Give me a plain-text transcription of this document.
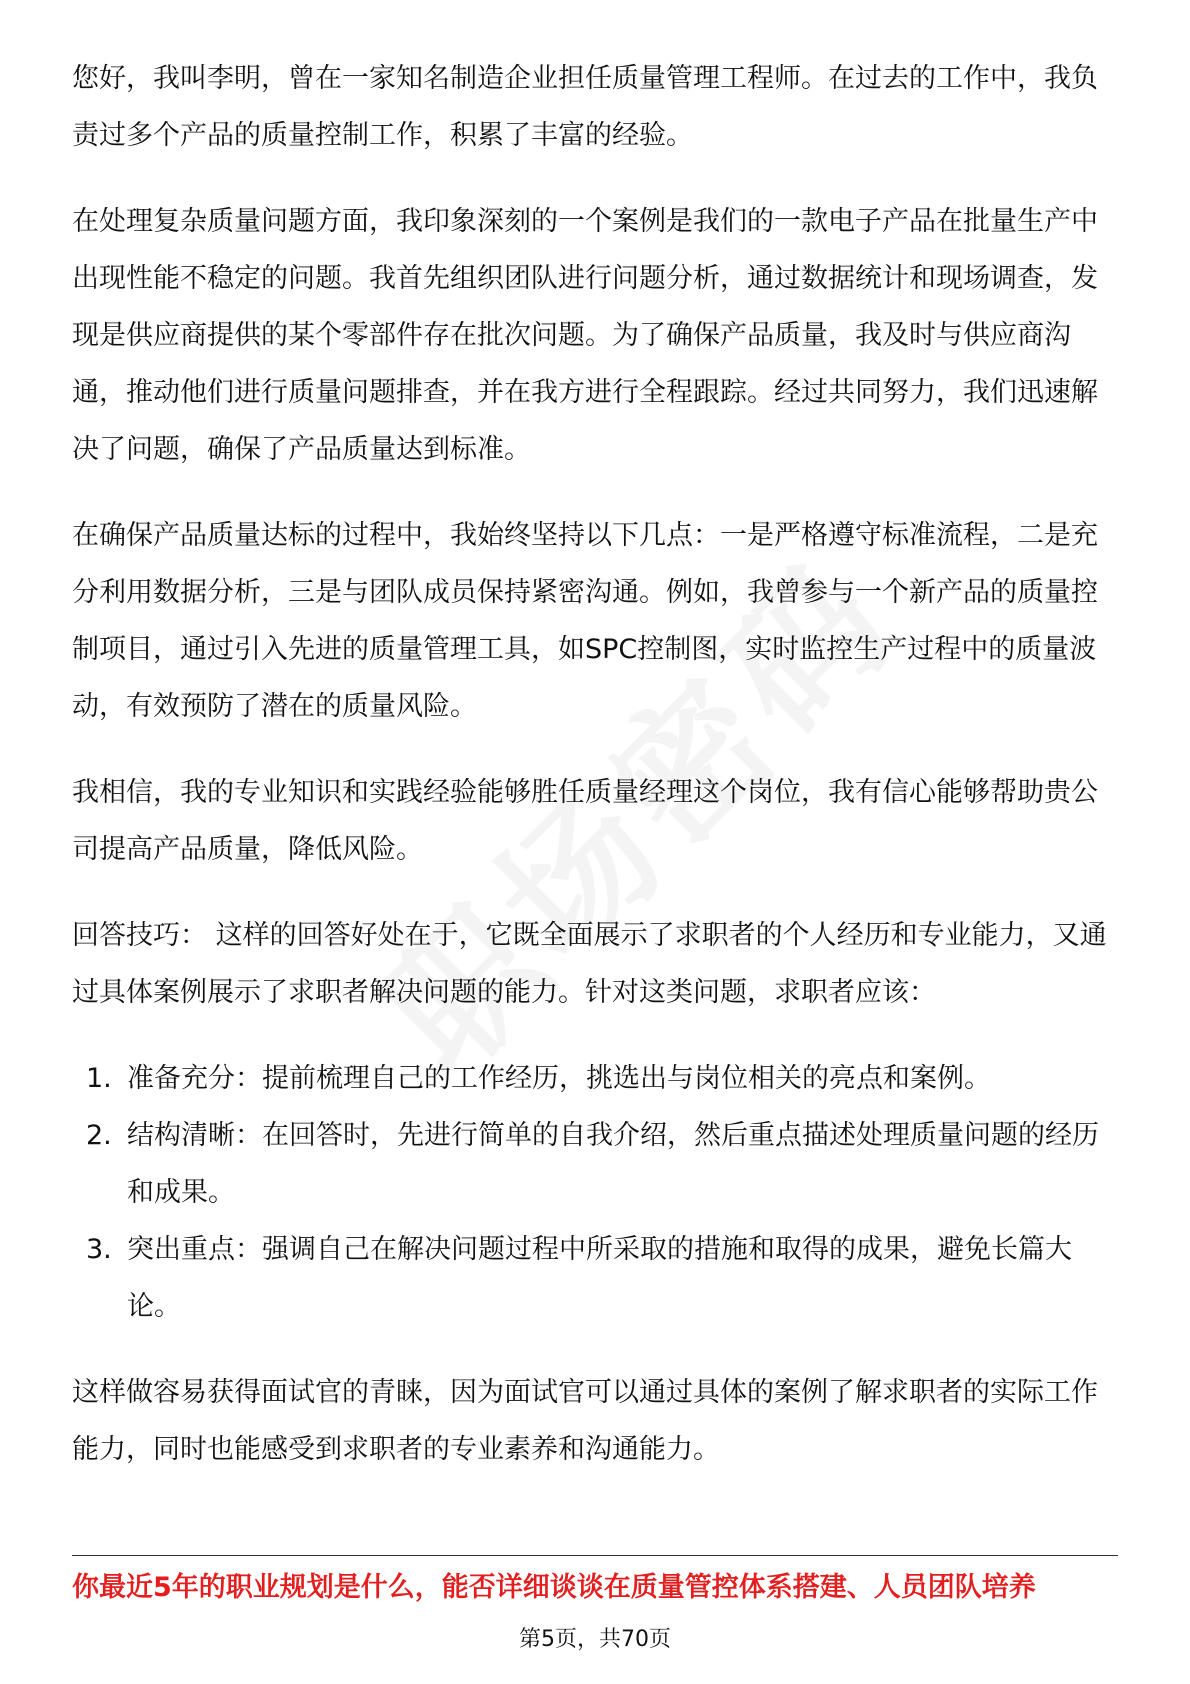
您好，我叫李明，曾在一家知名制造企业担任质量管理工程师。在过去的工作中，我负责过多个产品的质量控制工作，积累了丰富的经验。

在处理复杂质量问题方面，我印象深刻的一个案例是我们的一款电子产品在批量生产中出现性能不稳定的问题。我首先组织团队进行问题分析，通过数据统计和现场调查，发现是供应商提供的某个零部件存在批次问题。为了确保产品质量，我及时与供应商沟通，推动他们进行质量问题排查，并在我方进行全程跟踪。经过共同努力，我们迅速解决了问题，确保了产品质量达到标准。

在确保产品质量达标的过程中，我始终坚持以下几点：一是严格遵守标准流程，二是充分利用数据分析，三是与团队成员保持紧密沟通。例如，我曾参与一个新产品的质量控制项目，通过引入先进的质量管理工具，如SPC控制图，实时监控生产过程中的质量波动，有效预防了潜在的质量风险。

我相信，我的专业知识和实践经验能够胜任质量经理这个岗位，我有信心能够帮助贵公司提高产品质量，降低风险。

回答技巧： 这样的回答好处在于，它既全面展示了求职者的个人经历和专业能力，又通过具体案例展示了求职者解决问题的能力。针对这类问题，求职者应该：

1. 准备充分：提前梳理自己的工作经历，挑选出与岗位相关的亮点和案例。
2. 结构清晰：在回答时，先进行简单的自我介绍，然后重点描述处理质量问题的经历和成果。
3. 突出重点：强调自己在解决问题过程中所采取的措施和取得的成果，避免长篇大论。

这样做容易获得面试官的青睐，因为面试官可以通过具体的案例了解求职者的实际工作能力，同时也能感受到求职者的专业素养和沟通能力。

你最近5年的职业规划是什么，能否详细谈谈在质量管控体系搭建、人员团队培养
第5页，共70页
